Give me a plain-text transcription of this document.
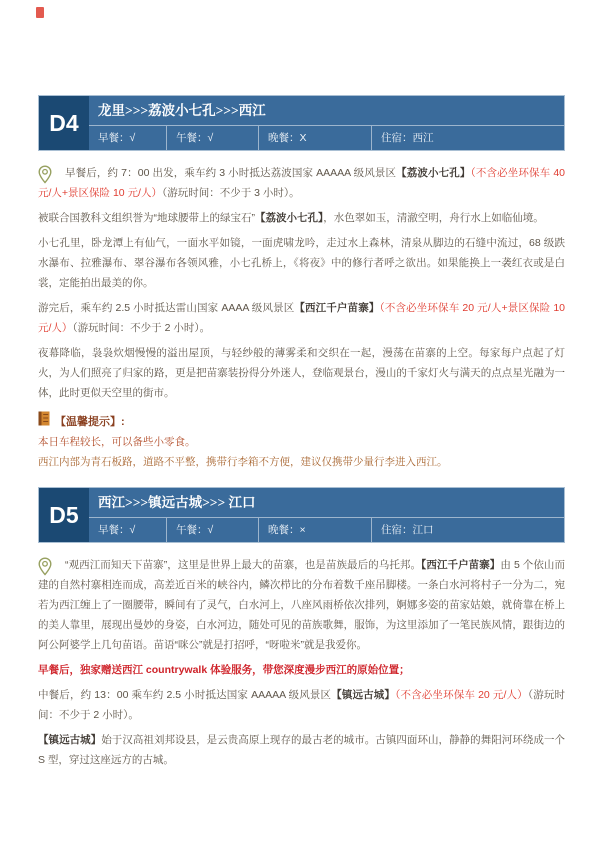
D4	龙里>>>荔波小七孔>>>西江
早餐：√	午餐：√	晚餐：X	住宿：西江

早餐后，约 7：00 出发，乘车约 3 小时抵达荔波国家 AAAAA 级风景区【荔波小七孔】（不含必坐环保车 40 元/人+景区保险 10 元/人）（游玩时间：不少于 3 小时）。

被联合国教科文组织誉为“地球腰带上的绿宝石”【荔波小七孔】，水色翠如玉，清澈空明，舟行水上如临仙境。

小七孔里，卧龙潭上有仙气，一面水平如镜，一面虎啸龙吟，走过水上森林，清泉从脚边的石缝中流过，68 级跌水瀑布、拉雅瀑布、翠谷瀑布各领风雅，小七孔桥上，《将夜》中的修行者呼之欲出。如果能换上一袭红衣或是白裳，定能拍出最美的你。

游完后，乘车约 2.5 小时抵达雷山国家 AAAA 级风景区【西江千户苗寨】（不含必坐环保车 20 元/人+景区保险 10 元/人）（游玩时间：不少于 2 小时）。

夜幕降临，袅袅炊烟慢慢的溢出屋顶，与轻纱般的薄雾柔和交织在一起，漫荡在苗寨的上空。每家每户点起了灯火，为人们照亮了归家的路，更是把苗寨装扮得分外迷人，登临观景台，漫山的千家灯火与满天的点点星光融为一体，此时更似天空里的街市。

【温馨提示】:
本日车程较长，可以备些小零食。
西江内部为青石板路，道路不平整，携带行李箱不方便，建议仅携带少量行李进入西江。
D5	西江>>>镇远古城>>> 江口
早餐：√	午餐：√	晚餐：×	住宿：江口

“观西江而知天下苗寨”，这里是世界上最大的苗寨，也是苗族最后的乌托邦。【西江千户苗寨】由 5 个依山而建的自然村寨相连而成，高差近百米的峡谷内，鳞次栉比的分布着数千座吊脚楼。一条白水河将村子一分为二，宛若为西江缠上了一圈腰带，瞬间有了灵气，白水河上，八座风雨桥依次排列，婀娜多姿的苗家姑娘，就倚靠在桥上的美人靠里，展现出曼妙的身姿，白水河边，随处可见的苗族歌舞，服饰，为这里添加了一笔民族风情，跟街边的阿公阿婆学上几句苗语。苗语“咪公”就是打招呼，“呀啦米”就是我爱你。

早餐后，独家赠送西江 countrywalk 体验服务，带您深度漫步西江的原始位置；

中餐后，约 13：00 乘车约 2.5 小时抵达国家 AAAAA 级风景区【镇远古城】（不含必坐环保车 20 元/人）（游玩时间：不少于 2 小时）。

【镇远古城】始于汉高祖刘邦设县，是云贵高原上现存的最古老的城市。古镇四面环山，静静的舞阳河环绕成一个 S 型，穿过这座远方的古城。
